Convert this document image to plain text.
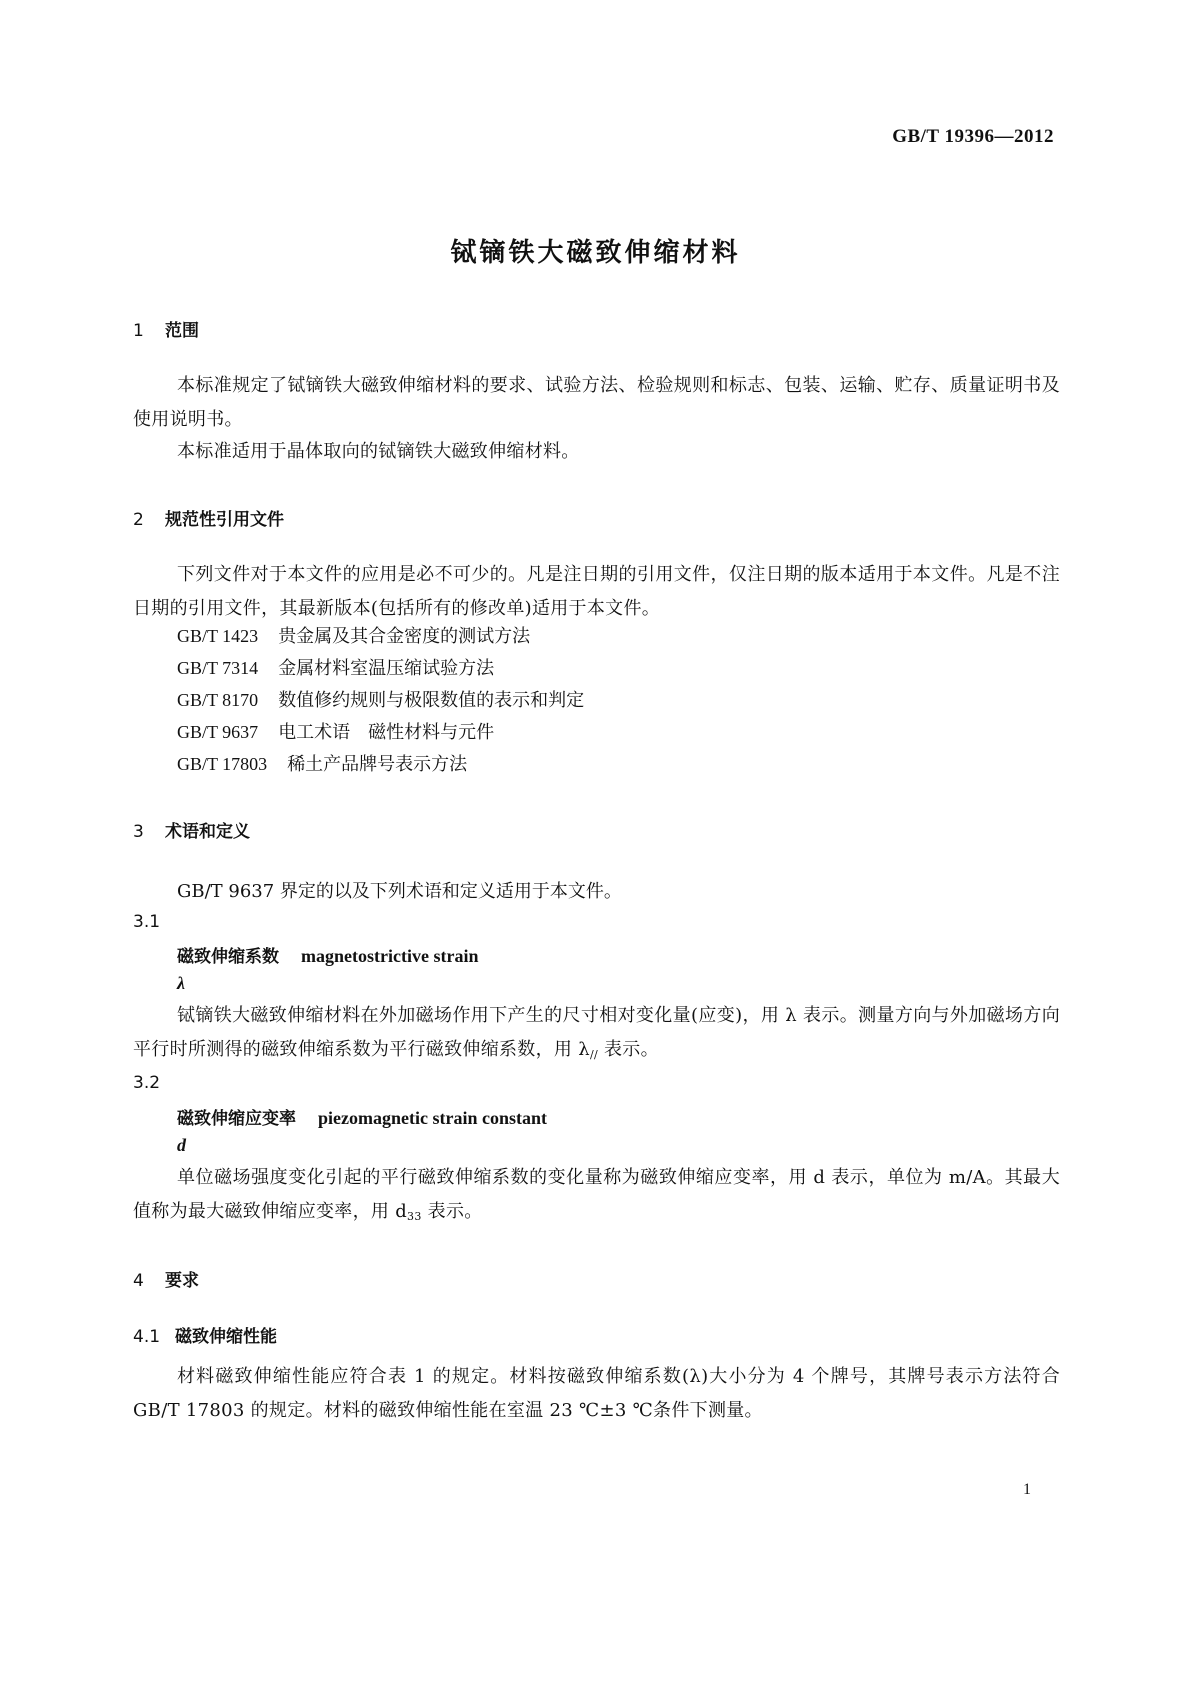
GB/T 19396—2012
铽镝铁大磁致伸缩材料
1 范围
本标准规定了铽镝铁大磁致伸缩材料的要求、试验方法、检验规则和标志、包装、运输、贮存、质量证明书及使用说明书。
本标准适用于晶体取向的铽镝铁大磁致伸缩材料。
2 规范性引用文件
下列文件对于本文件的应用是必不可少的。凡是注日期的引用文件，仅注日期的版本适用于本文件。凡是不注日期的引用文件，其最新版本(包括所有的修改单)适用于本文件。
GB/T 1423 贵金属及其合金密度的测试方法
GB/T 7314 金属材料室温压缩试验方法
GB/T 8170 数值修约规则与极限数值的表示和判定
GB/T 9637 电工术语　磁性材料与元件
GB/T 17803 稀土产品牌号表示方法
3 术语和定义
GB/T 9637 界定的以及下列术语和定义适用于本文件。
3.1
磁致伸缩系数 magnetostrictive strain
λ
铽镝铁大磁致伸缩材料在外加磁场作用下产生的尺寸相对变化量(应变)，用 λ 表示。测量方向与外加磁场方向平行时所测得的磁致伸缩系数为平行磁致伸缩系数，用 $\lambda_{//}$ 表示。
3.2
磁致伸缩应变率 piezomagnetic strain constant
d
单位磁场强度变化引起的平行磁致伸缩系数的变化量称为磁致伸缩应变率，用 d 表示，单位为 m/A。其最大值称为最大磁致伸缩应变率，用 $d_{33}$ 表示。
4 要求
4.1 磁致伸缩性能
材料磁致伸缩性能应符合表 1 的规定。材料按磁致伸缩系数(λ)大小分为 4 个牌号，其牌号表示方法符合 GB/T 17803 的规定。材料的磁致伸缩性能在室温 23 ℃±3 ℃条件下测量。
1
